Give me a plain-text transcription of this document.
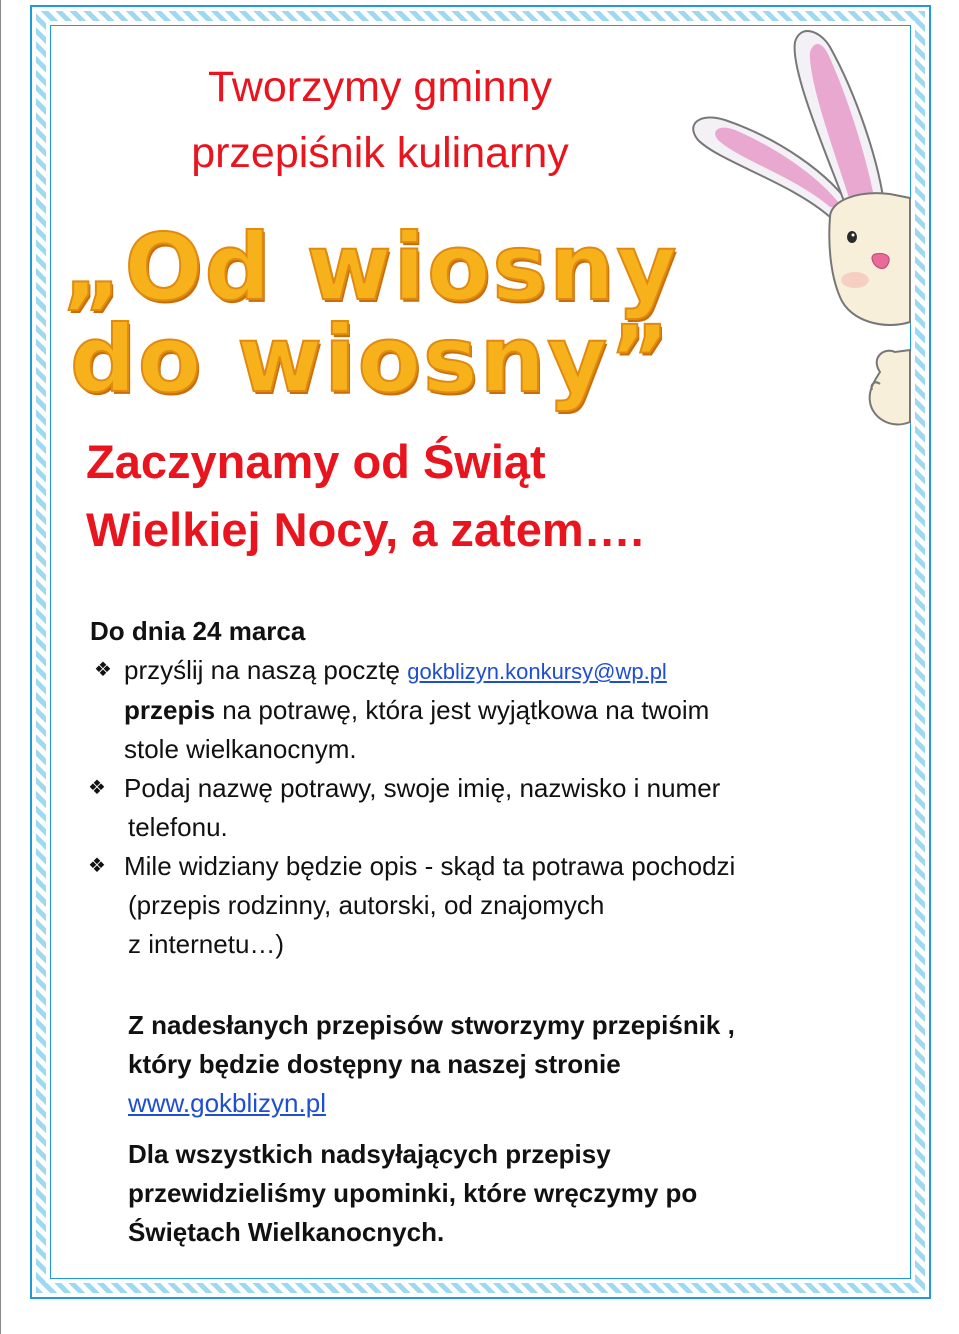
Tworzymy gminny
przepiśnik kulinarny
„Od wiosny
do wiosny”
Zaczynamy od Świąt
Wielkiej Nocy, a zatem….
Do dnia 24 marca
❖ przyślij na naszą pocztę gokblizyn.konkursy@wp.pl
przepis na potrawę, która jest wyjątkowa na twoim
stole wielkanocnym.
❖ Podaj nazwę potrawy, swoje imię, nazwisko i numer
telefonu.
❖ Mile widziany będzie opis - skąd ta potrawa pochodzi
(przepis rodzinny, autorski, od znajomych
z internetu…)

Z nadesłanych przepisów stworzymy przepiśnik ,
który będzie dostępny na naszej stronie
www.gokblizyn.pl

Dla wszystkich nadsyłających przepisy
przewidzieliśmy upominki, które wręczymy po
Świętach Wielkanocnych.
